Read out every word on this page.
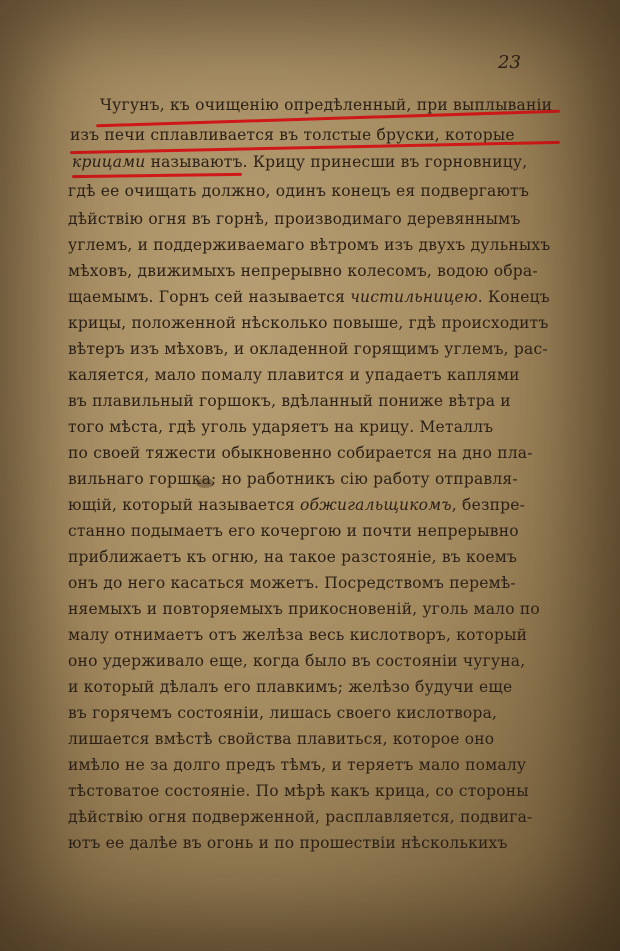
23
Чугунъ, къ очищенію опредѣленный, при выплываніи
изъ печи сплавливается въ толстые бруски, которые
крицами называютъ. Крицу принесши въ горновницу,
гдѣ ее очищать должно, одинъ конецъ ея подвергаютъ
дѣйствію огня въ горнѣ, производимаго деревяннымъ
углемъ, и поддерживаемаго вѣтромъ изъ двухъ дульныхъ
мѣховъ, движимыхъ непрерывно колесомъ, водою обра-
щаемымъ. Горнъ сей называется чистильницею. Конецъ
крицы, положенной нѣсколько повыше, гдѣ происходитъ
вѣтеръ изъ мѣховъ, и окладенной горящимъ углемъ, рас-
каляется, мало помалу плавится и упадаетъ каплями
въ плавильный горшокъ, вдѣланный пониже вѣтра и
того мѣста, гдѣ уголь ударяетъ на крицу. Металлъ
по своей тяжести обыкновенно собирается на дно пла-
вильнаго горшка; но работникъ сію работу отправля-
ющій, который называется обжигальщикомъ, безпре-
станно подымаетъ его кочергою и почти непрерывно
приближаетъ къ огню, на такое разстояніе, въ коемъ
онъ до него касаться можетъ. Посредствомъ перемѣ-
няемыхъ и повторяемыхъ прикосновеній, уголь мало по
малу отнимаетъ отъ желѣза весь кислотворъ, который
оно удерживало еще, когда было въ состояніи чугуна,
и который дѣлалъ его плавкимъ; желѣзо будучи еще
въ горячемъ состояніи, лишась своего кислотвора,
лишается вмѣстѣ свойства плавиться, которое оно
имѣло не за долго предъ тѣмъ, и теряетъ мало помалу
тѣстоватое состояніе. По мѣрѣ какъ крица, со стороны
дѣйствію огня подверженной, расплавляется, подвига-
ютъ ее далѣе въ огонь и по прошествіи нѣсколькихъ
